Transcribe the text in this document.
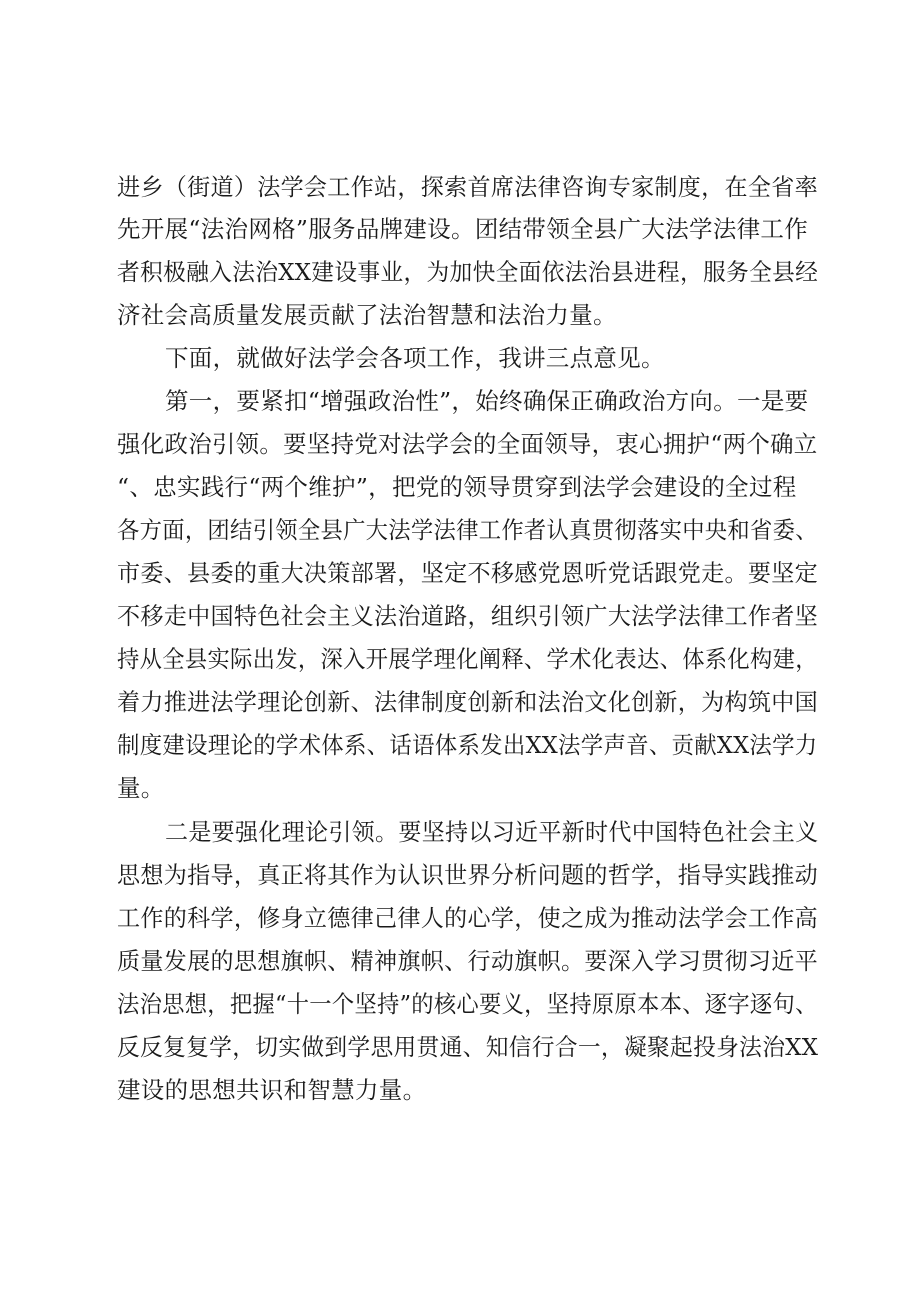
进乡（街道）法学会工作站，探索首席法律咨询专家制度，在全省率
先开展“法治网格”服务品牌建设。团结带领全县广大法学法律工作
者积极融入法治XX建设事业，为加快全面依法治县进程，服务全县经
济社会高质量发展贡献了法治智慧和法治力量。
下面，就做好法学会各项工作，我讲三点意见。
第一，要紧扣“增强政治性”，始终确保正确政治方向。一是要
强化政治引领。要坚持党对法学会的全面领导，衷心拥护“两个确立
“、忠实践行“两个维护”，把党的领导贯穿到法学会建设的全过程
各方面，团结引领全县广大法学法律工作者认真贯彻落实中央和省委、
市委、县委的重大决策部署，坚定不移感党恩听党话跟党走。要坚定
不移走中国特色社会主义法治道路，组织引领广大法学法律工作者坚
持从全县实际出发，深入开展学理化阐释、学术化表达、体系化构建，
着力推进法学理论创新、法律制度创新和法治文化创新，为构筑中国
制度建设理论的学术体系、话语体系发出XX法学声音、贡献XX法学力
量。
二是要强化理论引领。要坚持以习近平新时代中国特色社会主义
思想为指导，真正将其作为认识世界分析问题的哲学，指导实践推动
工作的科学，修身立德律己律人的心学，使之成为推动法学会工作高
质量发展的思想旗帜、精神旗帜、行动旗帜。要深入学习贯彻习近平
法治思想，把握“十一个坚持”的核心要义，坚持原原本本、逐字逐句、
反反复复学，切实做到学思用贯通、知信行合一，凝聚起投身法治XX
建设的思想共识和智慧力量。
